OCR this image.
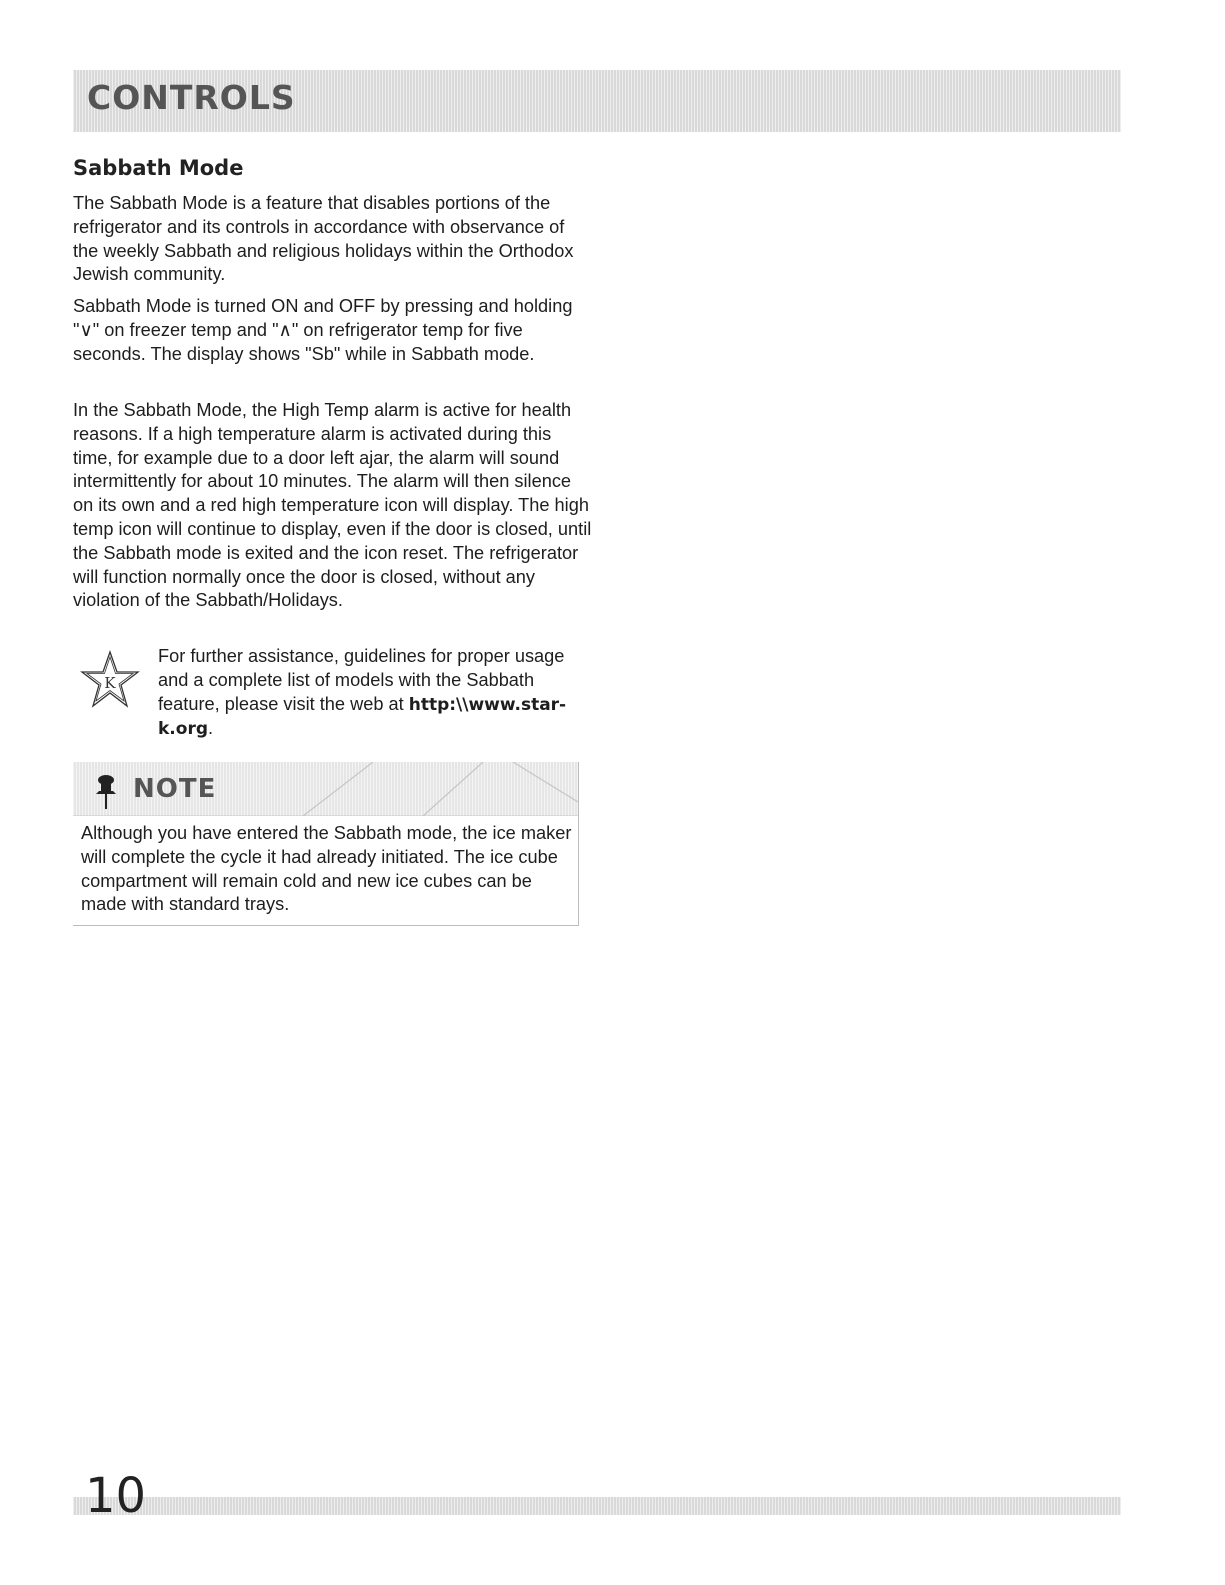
CONTROLS
Sabbath Mode

The Sabbath Mode is a feature that disables portions of the refrigerator and its controls in accordance with observance of the weekly Sabbath and religious holidays within the Orthodox Jewish community.

Sabbath Mode is turned ON and OFF by pressing and holding "∨" on freezer temp and "∧" on refrigerator temp for five seconds. The display shows "Sb" while in Sabbath mode.

In the Sabbath Mode, the High Temp alarm is active for health reasons. If a high temperature alarm is activated during this time, for example due to a door left ajar, the alarm will sound intermittently for about 10 minutes. The alarm will then silence on its own and a red high temperature icon will display. The high temp icon will continue to display, even if the door is closed, until the Sabbath mode is exited and the icon reset. The refrigerator will function normally once the door is closed, without any violation of the Sabbath/Holidays.

K

For further assistance, guidelines for proper usage and a complete list of models with the Sabbath feature, please visit the web at http:\\www.star-k.org.

NOTE

Although you have entered the Sabbath mode, the ice maker will complete the cycle it had already initiated. The ice cube compartment will remain cold and new ice cubes can be made with standard trays.

10
